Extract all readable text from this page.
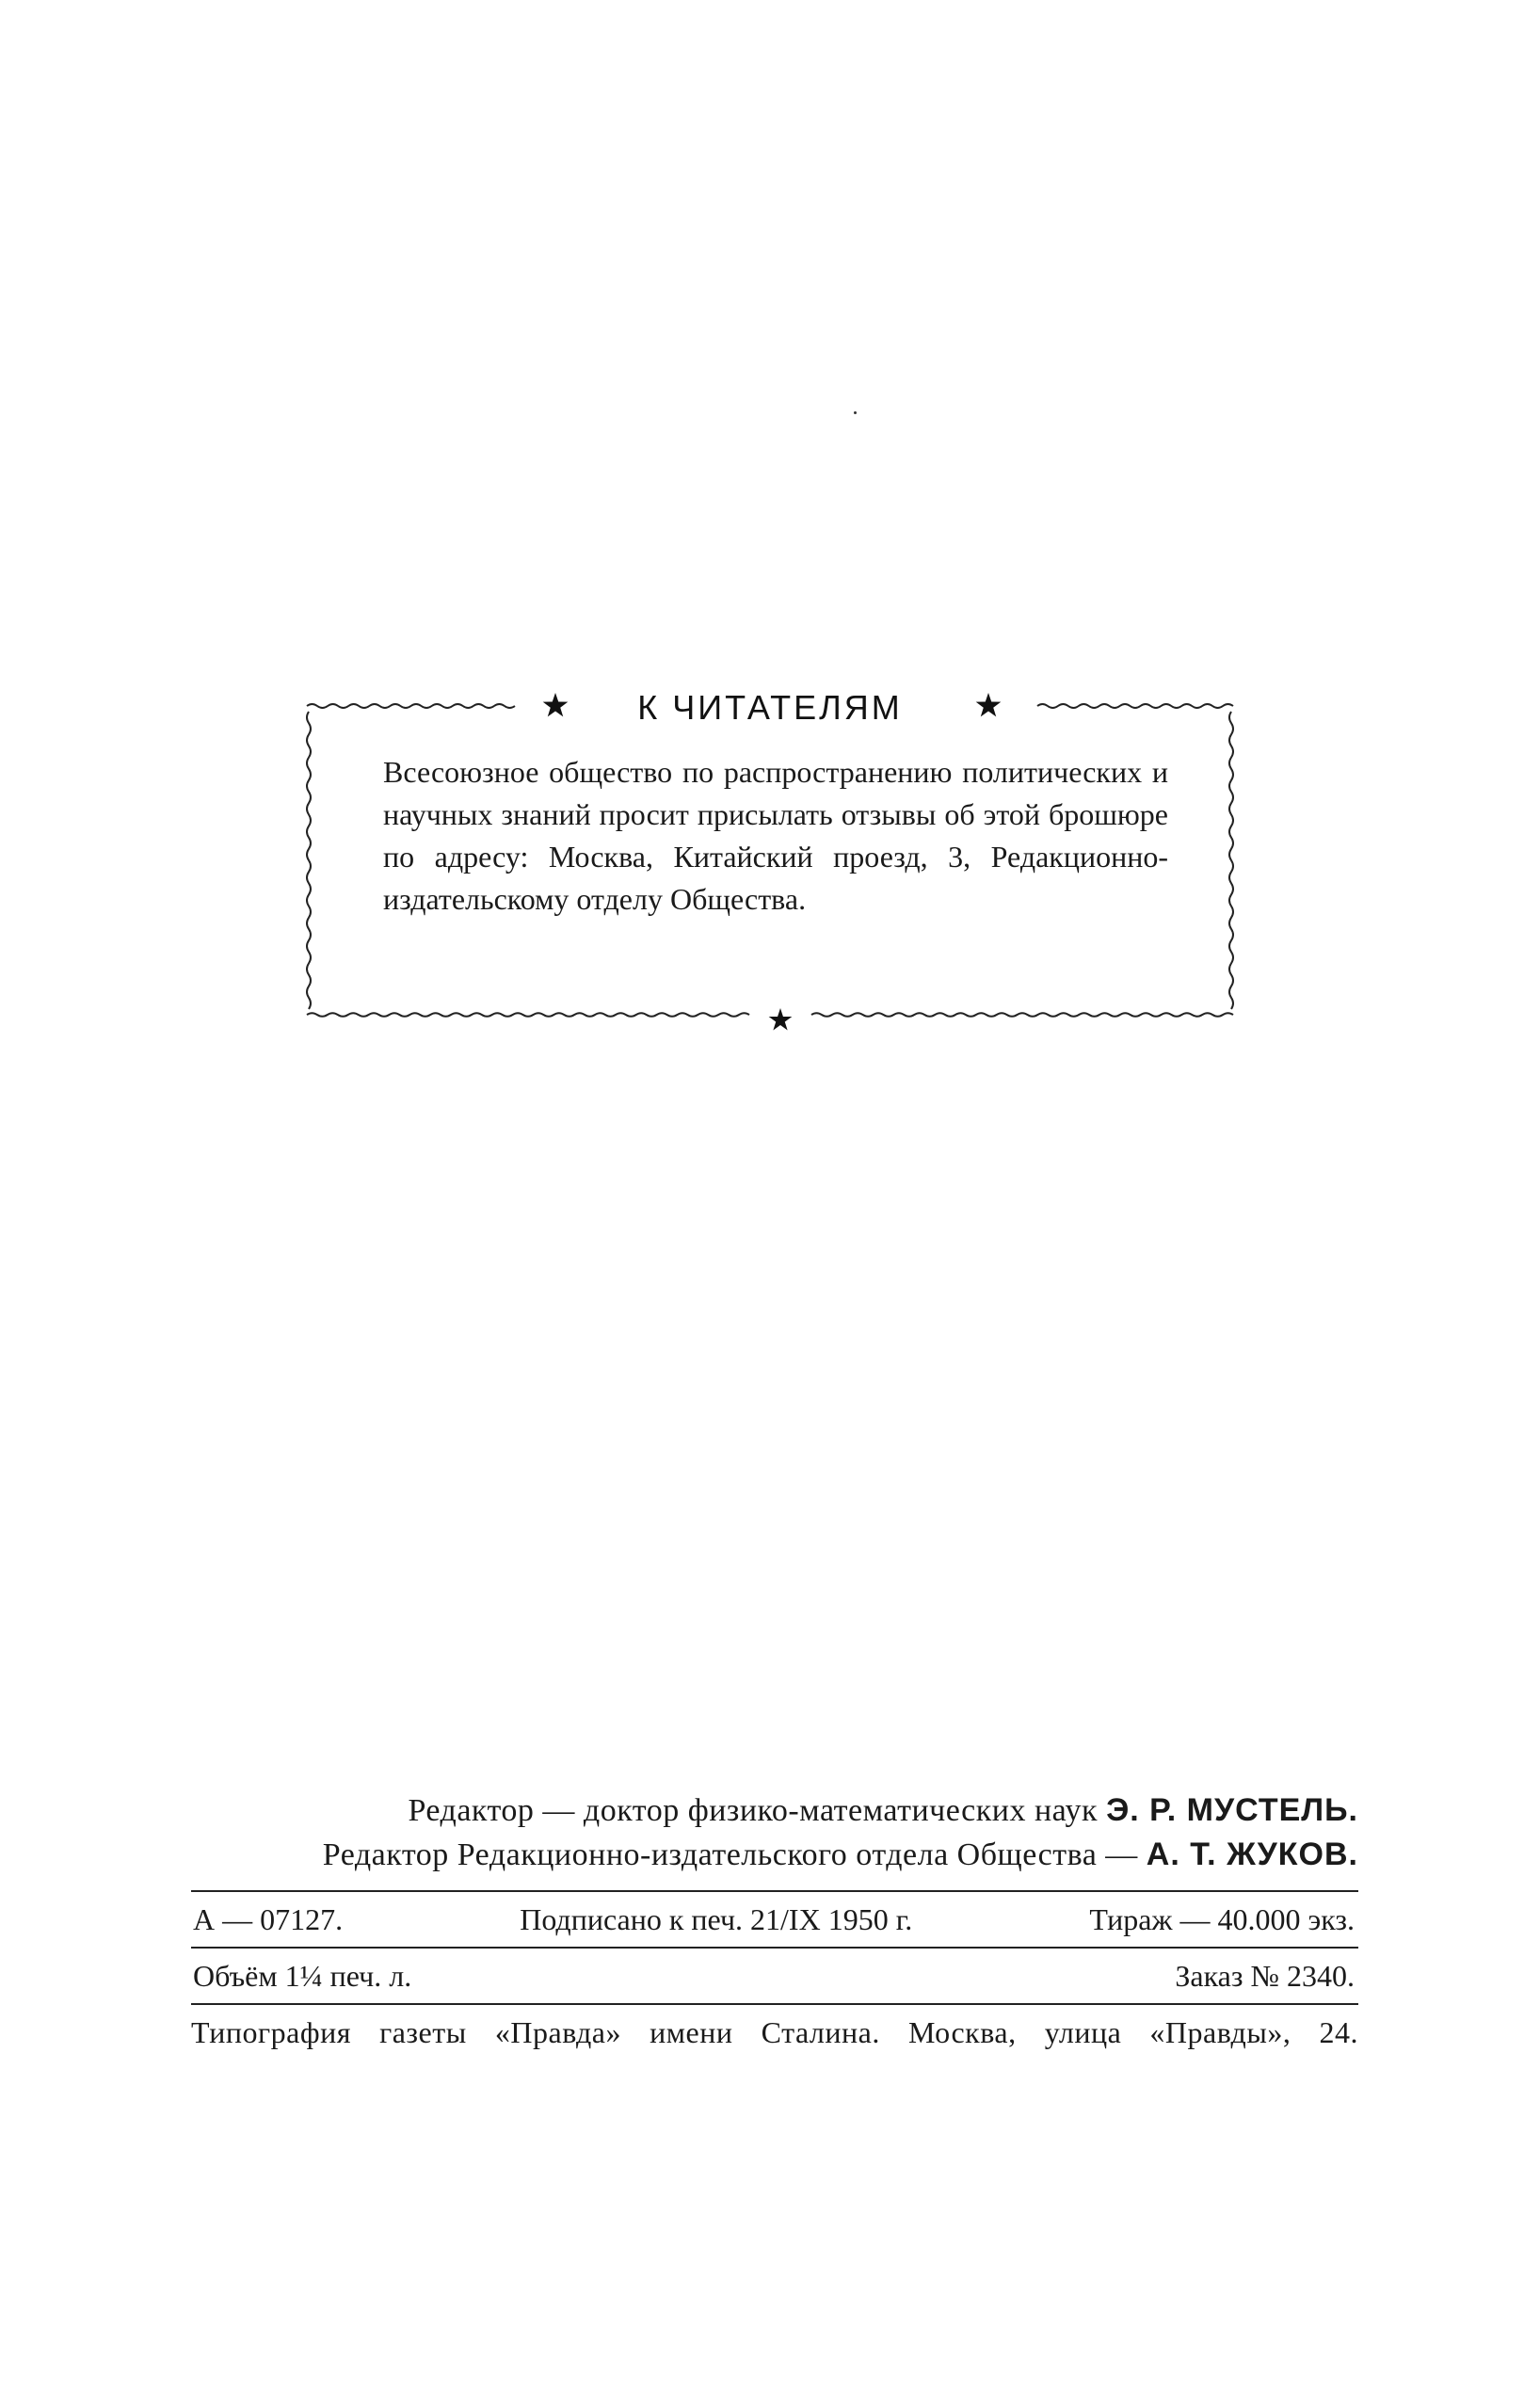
К ЧИТАТЕЛЯМ
Всесоюзное общество по распространению политических и научных знаний просит присылать отзывы об этой брошюре по адресу: Москва, Китайский проезд, 3, Редакционно-издательскому отделу Общества.
Редактор — доктор физико-математических наук Э. Р. МУСТЕЛЬ.
Редактор Редакционно-издательского отдела Общества — А. Т. ЖУКОВ.
А — 07127.	Подписано к печ. 21/IX 1950 г.	Тираж — 40.000 экз.
Объём 1¼ печ. л.	Заказ № 2340.
Типография газеты «Правда» имени Сталина. Москва, улица «Правды», 24.
